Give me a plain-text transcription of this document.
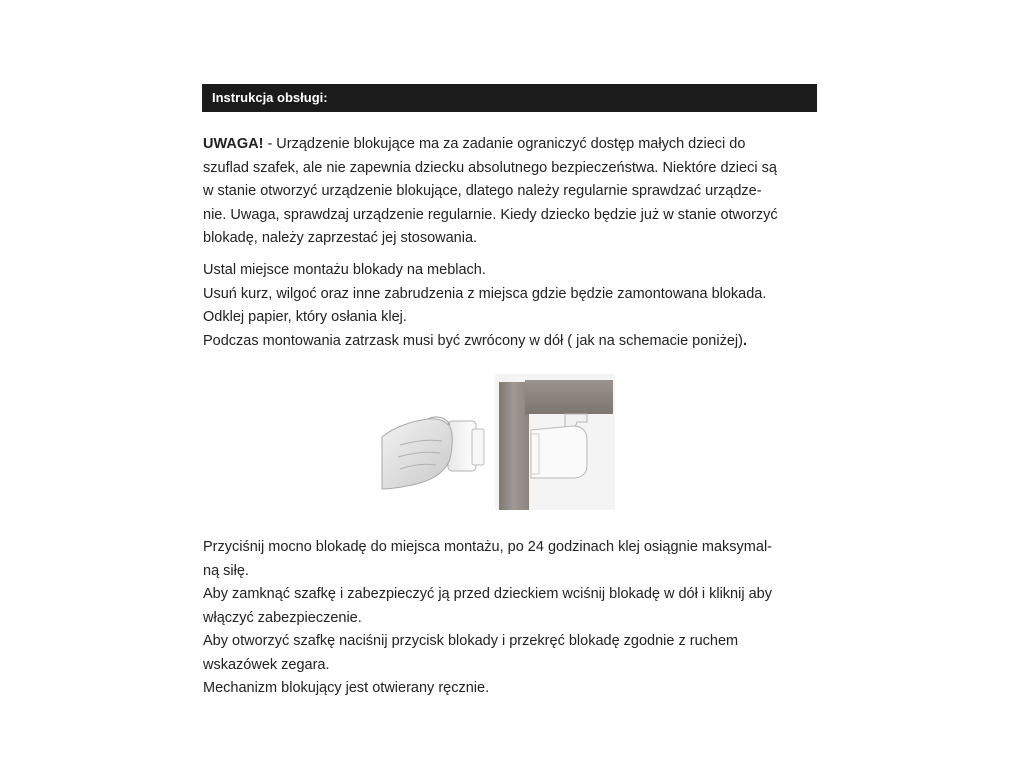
Instrukcja obsługi:

UWAGA! - Urządzenie blokujące ma za zadanie ograniczyć dostęp małych dzieci do
szuflad szafek, ale nie zapewnia dziecku absolutnego bezpieczeństwa. Niektóre dzieci są
w stanie otworzyć urządzenie blokujące, dlatego należy regularnie sprawdzać urządze-
nie. Uwaga, sprawdzaj urządzenie regularnie. Kiedy dziecko będzie już w stanie otworzyć
blokadę, należy zaprzestać jej stosowania.

Ustal miejsce montażu blokady na meblach.
Usuń kurz, wilgoć oraz inne zabrudzenia z miejsca gdzie będzie zamontowana blokada.
Odklej papier, który osłania klej.
Podczas montowania zatrzask musi być zwrócony w dół ( jak na schemacie poniżej).

Przyciśnij mocno blokadę do miejsca montażu, po 24 godzinach klej osiągnie maksymal-
ną siłę.
Aby zamknąć szafkę i zabezpieczyć ją przed dzieckiem wciśnij blokadę w dół i kliknij aby
włączyć zabezpieczenie.
Aby otworzyć szafkę naciśnij przycisk blokady i przekręć blokadę zgodnie z ruchem
wskazówek zegara.
Mechanizm blokujący jest otwierany ręcznie.
